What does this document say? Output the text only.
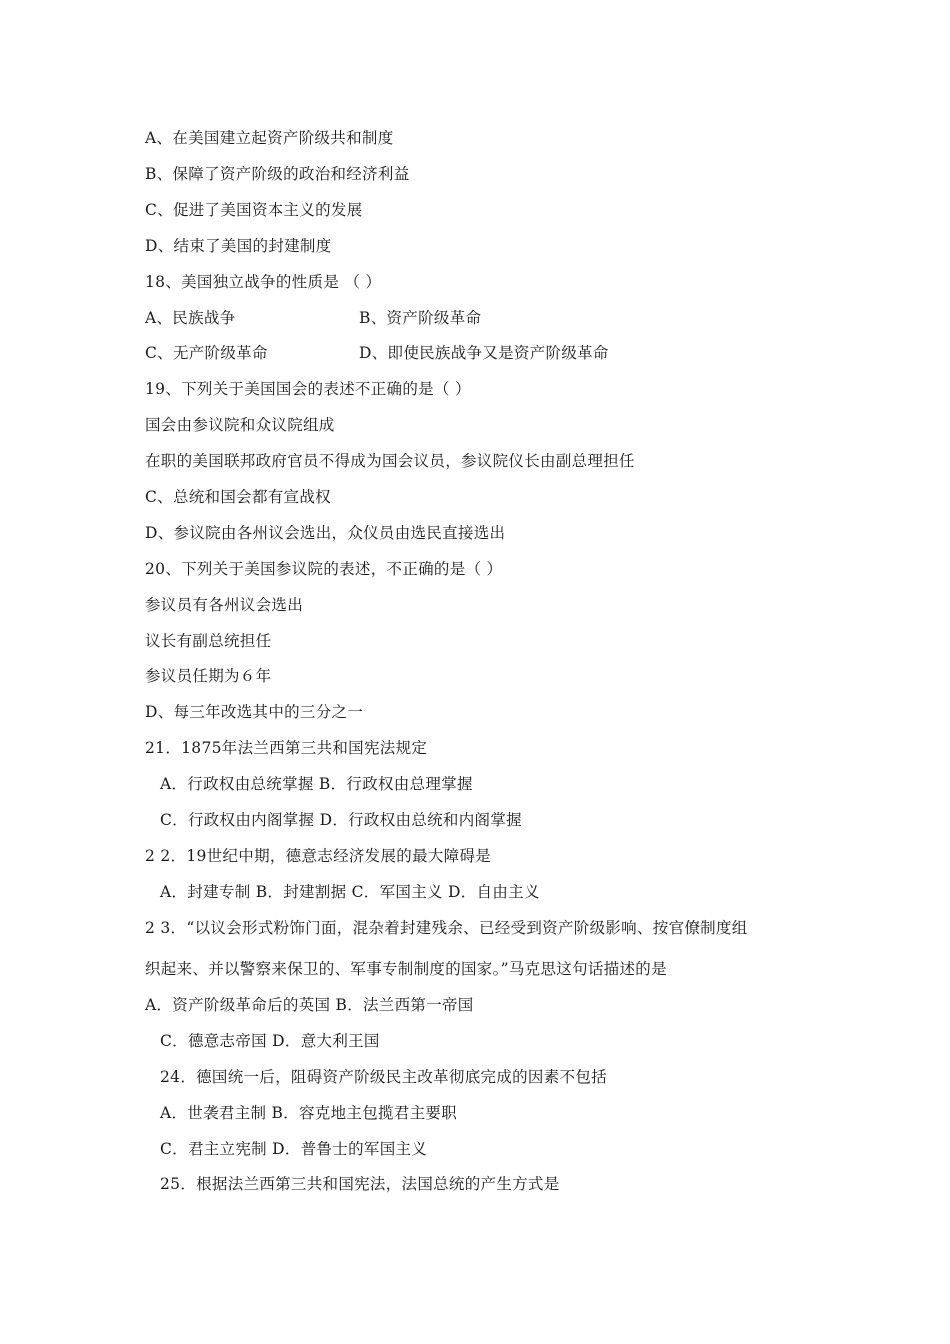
A、在美国建立起资产阶级共和制度
B、保障了资产阶级的政治和经济利益
C、促进了美国资本主义的发展
D、结束了美国的封建制度
18、美国独立战争的性质是 （ ）
A、民族战争	B、资产阶级革命
C、无产阶级革命	D、即使民族战争又是资产阶级革命
19、下列关于美国国会的表述不正确的是（ ）
国会由参议院和众议院组成
在职的美国联邦政府官员不得成为国会议员，参议院仪长由副总理担任
C、总统和国会都有宣战权
D、参议院由各州议会选出，众仪员由选民直接选出
20、下列关于美国参议院的表述，不正确的是（ ）
参议员有各州议会选出
议长有副总统担任
参议员任期为６年
D、每三年改选其中的三分之一
21．1875年法兰西第三共和国宪法规定
A．行政权由总统掌握 B．行政权由总理掌握
C．行政权由内阁掌握 D．行政权由总统和内阁掌握
2 2．19世纪中期，德意志经济发展的最大障碍是
A．封建专制 B．封建割据 C．军国主义 D．自由主义
2 3．“以议会形式粉饰门面，混杂着封建残余、已经受到资产阶级影响、按官僚制度组
织起来、并以警察来保卫的、军事专制制度的国家。”马克思这句话描述的是
A．资产阶级革命后的英国 B．法兰西第一帝国
C．德意志帝国 D．意大利王国
24．德国统一后，阻碍资产阶级民主改革彻底完成的因素不包括
A．世袭君主制 B．容克地主包揽君主要职
C．君主立宪制 D．普鲁士的军国主义
25．根据法兰西第三共和国宪法，法国总统的产生方式是
